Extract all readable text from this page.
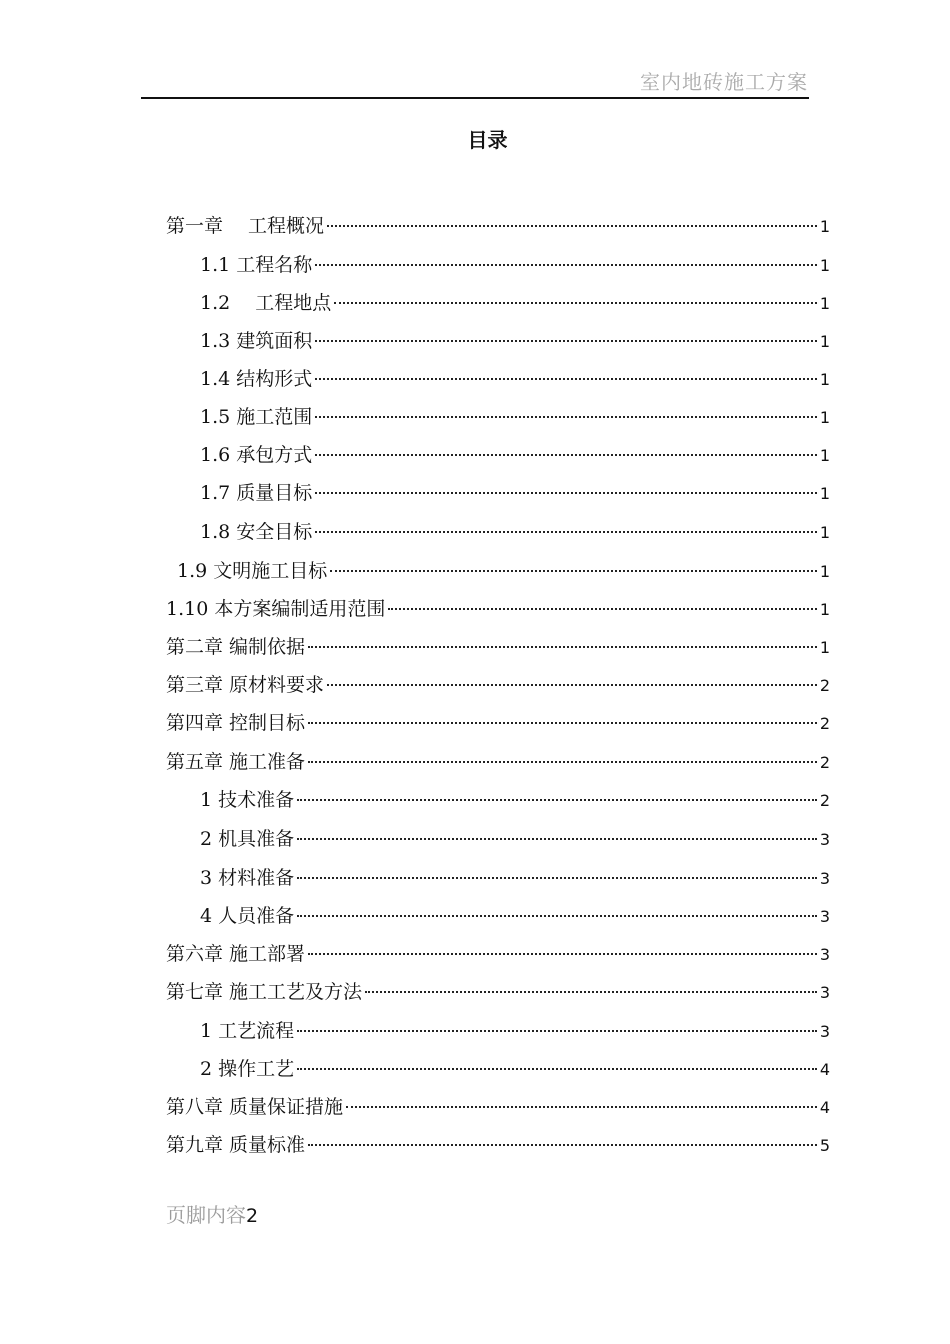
室内地砖施工方案
目录
第一章　 工程概况	1
1.1 工程名称	1
1.2 　工程地点	1
1.3 建筑面积	1
1.4 结构形式	1
1.5 施工范围	1
1.6 承包方式	1
1.7 质量目标	1
1.8 安全目标	1
1.9 文明施工目标	1
1.10 本方案编制适用范围	1
第二章 编制依据	1
第三章 原材料要求	2
第四章 控制目标	2
第五章 施工准备	2
1 技术准备	2
2 机具准备	3
3 材料准备	3
4 人员准备	3
第六章 施工部署	3
第七章 施工工艺及方法	3
1 工艺流程	3
2 操作工艺	4
第八章 质量保证措施	4
第九章 质量标准	5
页脚内容2
